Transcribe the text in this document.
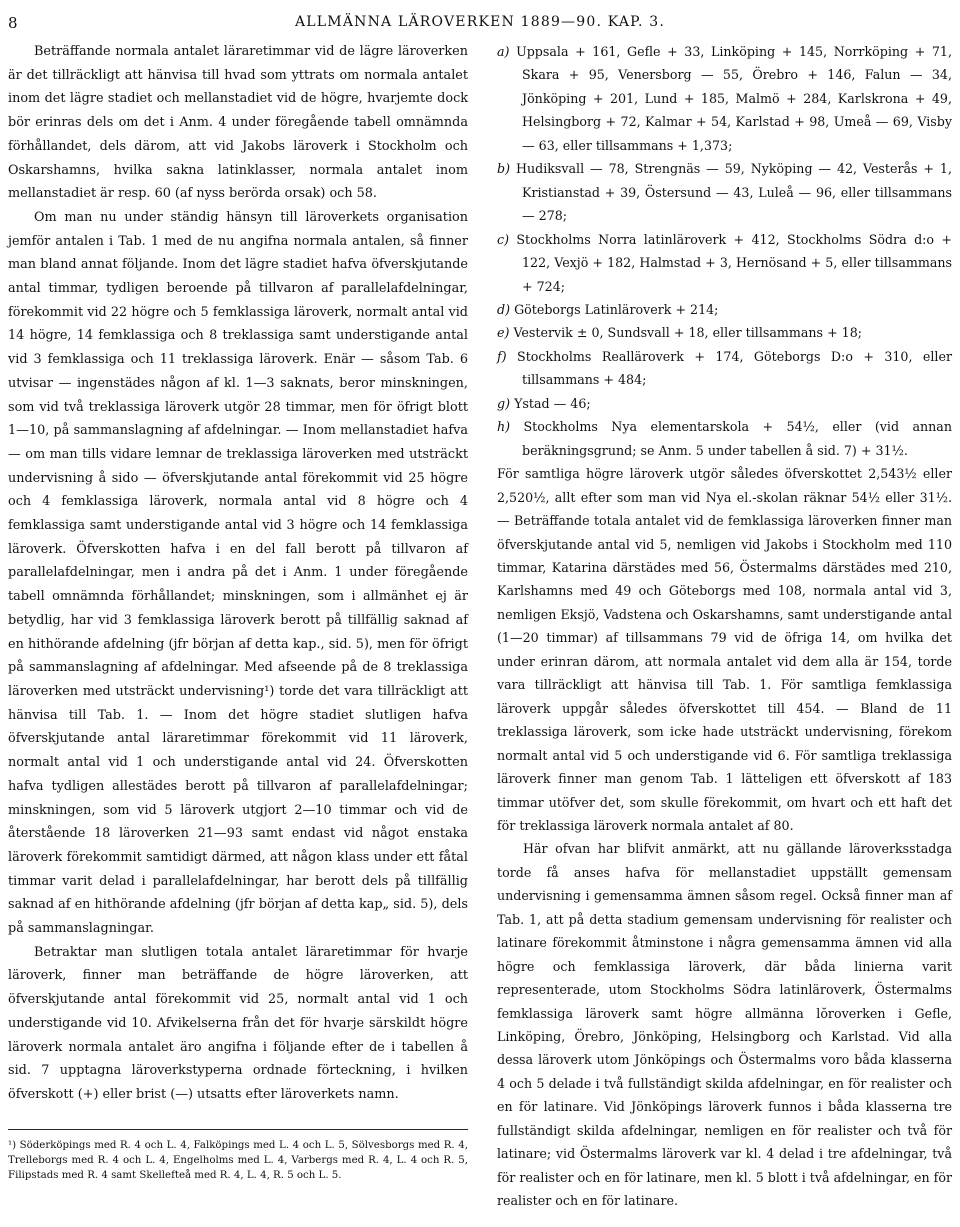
8	ALLMÄNNA LÄROVERKEN 1889—90. KAP. 3.

Beträffande normala antalet läraretimmar vid de lägre läroverken är det tillräckligt att hänvisa till hvad som yttrats om normala antalet inom det lägre stadiet och mellanstadiet vid de högre, hvarjemte dock bör erinras dels om det i Anm. 4 under föregående tabell omnämnda förhållandet, dels därom, att vid Jakobs läroverk i Stockholm och Oskarshamns, hvilka sakna latinklasser, normala antalet inom mellanstadiet är resp. 60 (af nyss berörda orsak) och 58.

Om man nu under ständig hänsyn till läroverkets organisation jemför antalen i Tab. 1 med de nu angifna normala antalen, så finner man bland annat följande. Inom det lägre stadiet hafva öfverskjutande antal timmar, tydligen beroende på tillvaron af parallelafdelningar, förekommit vid 22 högre och 5 femklassiga läroverk, normalt antal vid 14 högre, 14 femklassiga och 8 treklassiga samt understigande antal vid 3 femklassiga och 11 treklassiga läroverk. Enär — såsom Tab. 6 utvisar — ingenstädes någon af kl. 1—3 saknats, beror minskningen, som vid två treklassiga läroverk utgör 28 timmar, men för öfrigt blott 1—10, på sammanslagning af afdelningar. — Inom mellanstadiet hafva — om man tills vidare lemnar de treklassiga läroverken med utsträckt undervisning å sido — öfverskjutande antal förekommit vid 25 högre och 4 femklassiga läroverk, normala antal vid 8 högre och 4 femklassiga samt understigande antal vid 3 högre och 14 femklassiga läroverk. Öfverskotten hafva i en del fall berott på tillvaron af parallelafdelningar, men i andra på det i Anm. 1 under föregående tabell omnämnda förhållandet; minskningen, som i allmänhet ej är betydlig, har vid 3 femklassiga läroverk berott på tillfällig saknad af en hithörande afdelning (jfr början af detta kap., sid. 5), men för öfrigt på sammanslagning af afdelningar. Med afseende på de 8 treklassiga läroverken med utsträckt undervisning¹) torde det vara tillräckligt att hänvisa till Tab. 1. — Inom det högre stadiet slutligen hafva öfverskjutande antal läraretimmar förekommit vid 11 läroverk, normalt antal vid 1 och understigande antal vid 24. Öfverskotten hafva tydligen allestädes berott på tillvaron af parallelafdelningar; minskningen, som vid 5 läroverk utgjort 2—10 timmar och vid de återstående 18 läroverken 21—93 samt endast vid något enstaka läroverk förekommit samtidigt därmed, att någon klass under ett fåtal timmar varit delad i parallelafdelningar, har berott dels på tillfällig saknad af en hithörande afdelning (jfr början af detta kap„ sid. 5), dels på sammanslagningar.

Betraktar man slutligen totala antalet läraretimmar för hvarje läroverk, finner man beträffande de högre läroverken, att öfverskjutande antal förekommit vid 25, normalt antal vid 1 och understigande vid 10. Afvikelserna från det för hvarje särskildt högre läroverk normala antalet äro angifna i följande efter de i tabellen å sid. 7 upptagna läroverkstyperna ordnade förteckning, i hvilken öfverskott (+) eller brist (—) utsatts efter läroverkets namn.

a) Uppsala + 161, Gefle + 33, Linköping + 145, Norrköping + 71, Skara + 95, Venersborg — 55, Örebro + 146, Falun — 34, Jönköping + 201, Lund + 185, Malmö + 284, Karlskrona + 49, Helsingborg + 72, Kalmar + 54, Karlstad + 98, Umeå — 69, Visby — 63, eller tillsammans + 1,373;

b) Hudiksvall — 78, Strengnäs — 59, Nyköping — 42, Vesterås + 1, Kristianstad + 39, Östersund — 43, Luleå — 96, eller tillsammans — 278;

c) Stockholms Norra latinläroverk + 412, Stockholms Södra d:o + 122, Vexjö + 182, Halmstad + 3, Hernösand + 5, eller tillsammans + 724;

d) Göteborgs Latinläroverk + 214;

e) Vestervik ± 0, Sundsvall + 18, eller tillsammans + 18;

f) Stockholms Realläroverk + 174, Göteborgs D:o + 310, eller tillsammans + 484;

g) Ystad — 46;

h) Stockholms Nya elementarskola + 54½, eller (vid annan beräkningsgrund; se Anm. 5 under tabellen å sid. 7) + 31½.

För samtliga högre läroverk utgör således öfverskottet 2,543½ eller 2,520½, allt efter som man vid Nya el.-skolan räknar 54½ eller 31½. — Beträffande totala antalet vid de femklassiga läroverken finner man öfverskjutande antal vid 5, nemligen vid Jakobs i Stockholm med 110 timmar, Katarina därstädes med 56, Östermalms därstädes med 210, Karlshamns med 49 och Göteborgs med 108, normala antal vid 3, nemligen Eksjö, Vadstena och Oskarshamns, samt understigande antal (1—20 timmar) af tillsammans 79 vid de öfriga 14, om hvilka det under erinran därom, att normala antalet vid dem alla är 154, torde vara tillräckligt att hänvisa till Tab. 1. För samtliga femklassiga läroverk uppgår således öfverskottet till 454. — Bland de 11 treklassiga läroverk, som icke hade utsträckt undervisning, förekom normalt antal vid 5 och understigande vid 6. För samtliga treklassiga läroverk finner man genom Tab. 1 lätteligen ett öfverskott af 183 timmar utöfver det, som skulle förekommit, om hvart och ett haft det för treklassiga läroverk normala antalet af 80.

Här ofvan har blifvit anmärkt, att nu gällande läroverksstadga torde få anses hafva för mellanstadiet uppställt gemensam undervisning i gemensamma ämnen såsom regel. Också finner man af Tab. 1, att på detta stadium gemensam undervisning för realister och latinare förekommit åtminstone i några gemensamma ämnen vid alla högre och femklassiga läroverk, där båda linierna varit representerade, utom Stockholms Södra latinläroverk, Östermalms femklassiga läroverk samt högre allmänna lŏroverken i Gefle, Linköping, Örebro, Jönköping, Helsingborg och Karlstad. Vid alla dessa läroverk utom Jönköpings och Östermalms voro båda klasserna 4 och 5 delade i två fullständigt skilda afdelningar, en för realister och en för latinare. Vid Jönköpings läroverk funnos i båda klasserna tre fullständigt skilda afdelningar, nemligen en för realister och två för latinare; vid Östermalms läroverk var kl. 4 delad i tre afdelningar, två för realister och en för latinare, men kl. 5 blott i två afdelningar, en för realister och en för latinare.

¹) Söderköpings med R. 4 och L. 4, Falköpings med L. 4 och L. 5, Sölvesborgs med R. 4, Trelleborgs med R. 4 och L. 4, Engelholms med L. 4, Varbergs med R. 4, L. 4 och R. 5, Filipstads med R. 4 samt Skellefteå med R. 4, L. 4, R. 5 och L. 5.
